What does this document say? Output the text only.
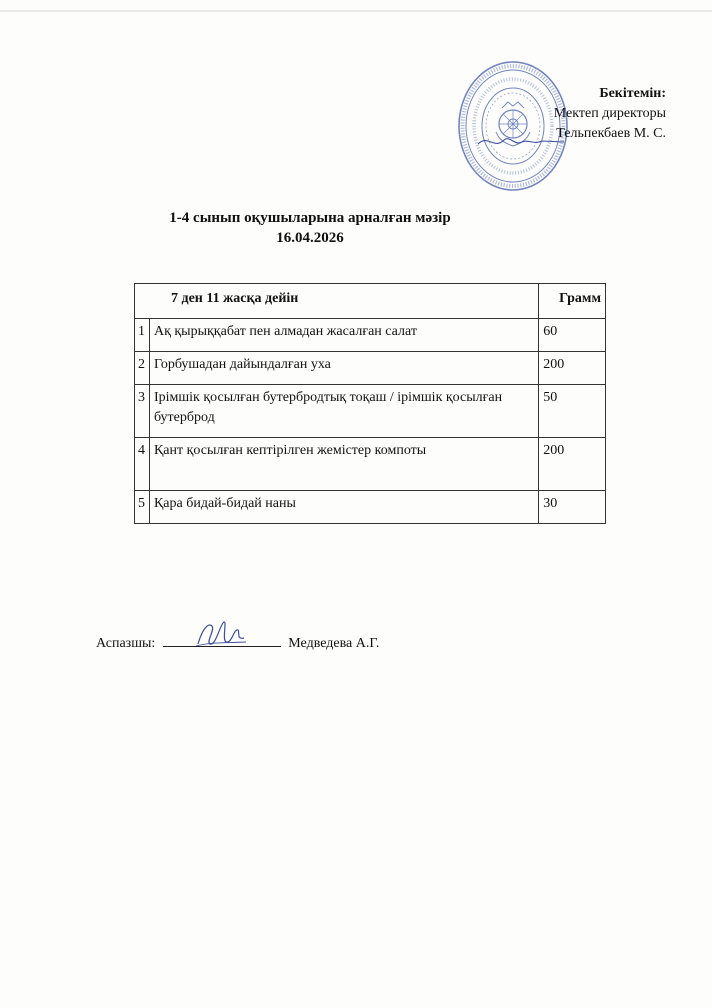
Бекітемін:
Мектеп директоры
Тельпекбаев М. С.
1-4 сынып оқушыларына арналған мәзір
16.04.2026
7 ден 11 жасқа дейін		Грамм
1	Ақ қырыққабат пен алмадан жасалған салат	60
2	Горбушадан дайындалған уха	200
3	Ірімшік қосылған бутербродтық тоқаш / ірімшік қосылған бутерброд	50
4	Қант қосылған кептірілген жемістер компоты	200
5	Қара бидай-бидай наны	30
Аспазшы:	Медведева А.Г.
